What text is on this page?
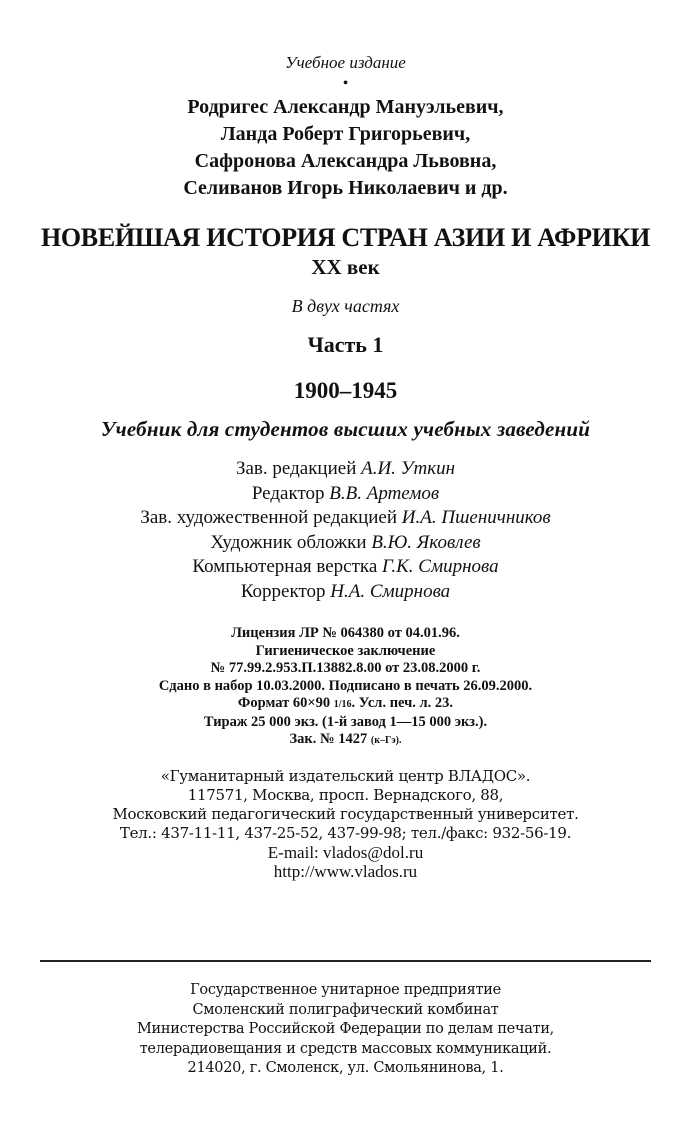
Учебное издание
•
Родригес Александр Мануэльевич,
Ланда Роберт Григорьевич,
Сафронова Александра Львовна,
Селиванов Игорь Николаевич и др.
НОВЕЙШАЯ ИСТОРИЯ СТРАН АЗИИ И АФРИКИ
XX век
В двух частях
Часть 1
1900–1945
Учебник для студентов высших учебных заведений
Зав. редакцией А.И. Уткин
Редактор В.В. Артемов
Зав. художественной редакцией И.А. Пшеничников
Художник обложки В.Ю. Яковлев
Компьютерная верстка Г.К. Смирнова
Корректор Н.А. Смирнова
Лицензия ЛР № 064380 от 04.01.96.
Гигиеническое заключение
№ 77.99.2.953.П.13882.8.00 от 23.08.2000 г.
Сдано в набор 10.03.2000. Подписано в печать 26.09.2000.
Формат 60×90 1/16. Усл. печ. л. 23.
Тираж 25 000 экз. (1-й завод 1—15 000 экз.).
Зак. № 1427 (к–Гэ).
«Гуманитарный издательский центр ВЛАДОС».
117571, Москва, просп. Вернадского, 88,
Московский педагогический государственный университет.
Тел.: 437-11-11, 437-25-52, 437-99-98; тел./факс: 932-56-19.
E-mail: vlados@dol.ru
http://www.vlados.ru
Государственное унитарное предприятие
Смоленский полиграфический комбинат
Министерства Российской Федерации по делам печати,
телерадиовещания и средств массовых коммуникаций.
214020, г. Смоленск, ул. Смольянинова, 1.
